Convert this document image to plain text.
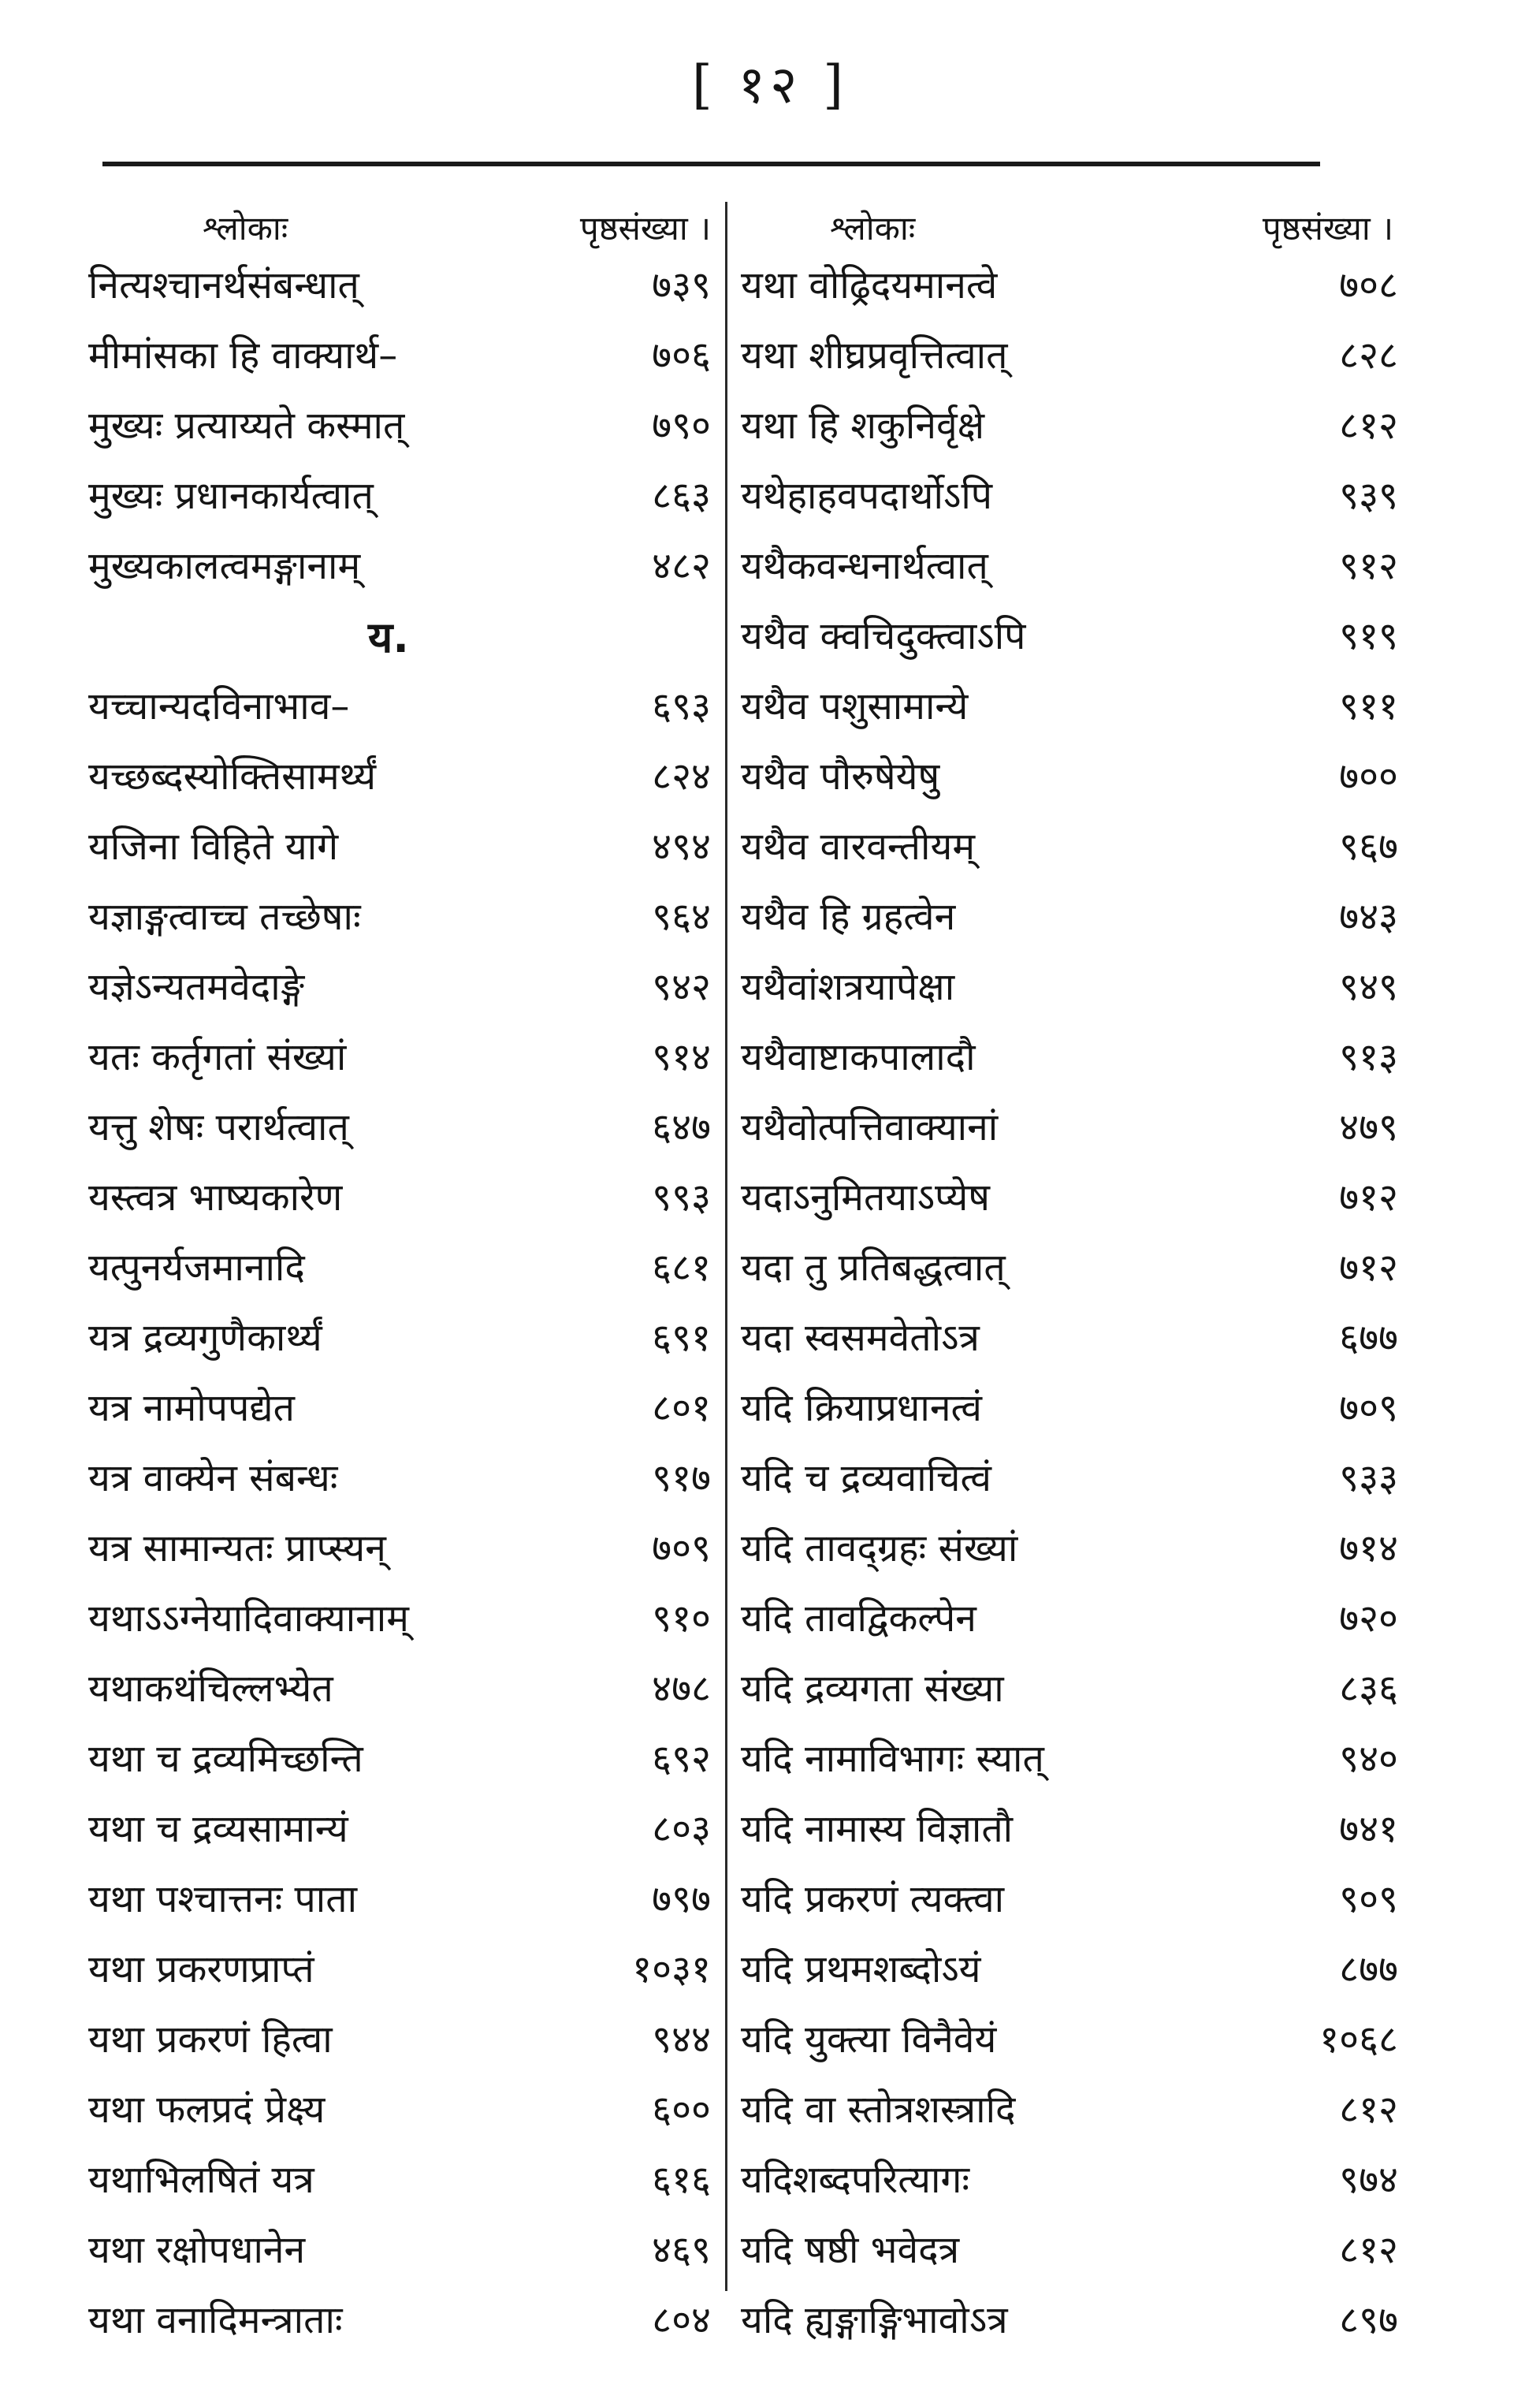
[ १२ ]
श्लोकाः	पृष्ठसंख्या ।
नित्यश्चानर्थसंबन्धात्	७३९
मीमांसका हि वाक्यार्थ–	७०६
मुख्यः प्रत्याय्यते कस्मात्	७९०
मुख्यः प्रधानकार्यत्वात्	८६३
मुख्यकालत्वमङ्गानाम्	४८२
य.
यच्चान्यदविनाभाव–	६९३
यच्छब्दस्योक्तिसामर्थ्यं	८२४
यजिना विहिते यागे	४९४
यज्ञाङ्गत्वाच्च तच्छेषाः	९६४
यज्ञेऽन्यतमवेदाङ्गे	९४२
यतः कर्तृगतां संख्यां	९१४
यत्तु शेषः परार्थत्वात्	६४७
यस्त्वत्र भाष्यकारेण	९९३
यत्पुनर्यजमानादि	६८१
यत्र द्रव्यगुणैकार्थ्यं	६९१
यत्र नामोपपद्येत	८०१
यत्र वाक्येन संबन्धः	९१७
यत्र सामान्यतः प्राप्स्यन्	७०९
यथाऽऽग्नेयादिवाक्यानाम्	९१०
यथाकथंचिल्लभ्येत	४७८
यथा च द्रव्यमिच्छन्ति	६९२
यथा च द्रव्यसामान्यं	८०३
यथा पश्चात्तनः पाता	७९७
यथा प्रकरणप्राप्तं	१०३१
यथा प्रकरणं हित्वा	९४४
यथा फलप्रदं प्रेक्ष्य	६००
यथाभिलषितं यत्र	६१६
यथा रक्षोपधानेन	४६९
यथा वनादिमन्त्राताः	८०४
श्लोकाः	पृष्ठसंख्या ।
यथा वोढ्रिदयमानत्वे	७०८
यथा शीघ्रप्रवृत्तित्वात्	८२८
यथा हि शकुनिर्वृक्षे	८१२
यथेहाहवपदार्थोऽपि	९३९
यथैकवन्धनार्थत्वात्	९१२
यथैव क्वचिदुक्त्वाऽपि	९१९
यथैव पशुसामान्ये	९११
यथैव पौरुषेयेषु	७००
यथैव वारवन्तीयम्	९६७
यथैव हि ग्रहत्वेन	७४३
यथैवांशत्रयापेक्षा	९४९
यथैवाष्टाकपालादौ	९१३
यथैवोत्पत्तिवाक्यानां	४७९
यदाऽनुमितयाऽप्येष	७१२
यदा तु प्रतिबद्धत्वात्	७१२
यदा स्वसमवेतोऽत्र	६७७
यदि क्रियाप्रधानत्वं	७०९
यदि च द्रव्यवाचित्वं	९३३
यदि तावद्ग्रहः संख्यां	७१४
यदि तावद्विकल्पेन	७२०
यदि द्रव्यगता संख्या	८३६
यदि नामाविभागः स्यात्	९४०
यदि नामास्य विज्ञातौ	७४१
यदि प्रकरणं त्यक्त्वा	९०९
यदि प्रथमशब्दोऽयं	८७७
यदि युक्त्या विनैवेयं	१०६८
यदि वा स्तोत्रशस्त्रादि	८१२
यदिशब्दपरित्यागः	९७४
यदि षष्ठी भवेदत्र	८१२
यदि ह्यङ्गाङ्गिभावोऽत्र	८९७
